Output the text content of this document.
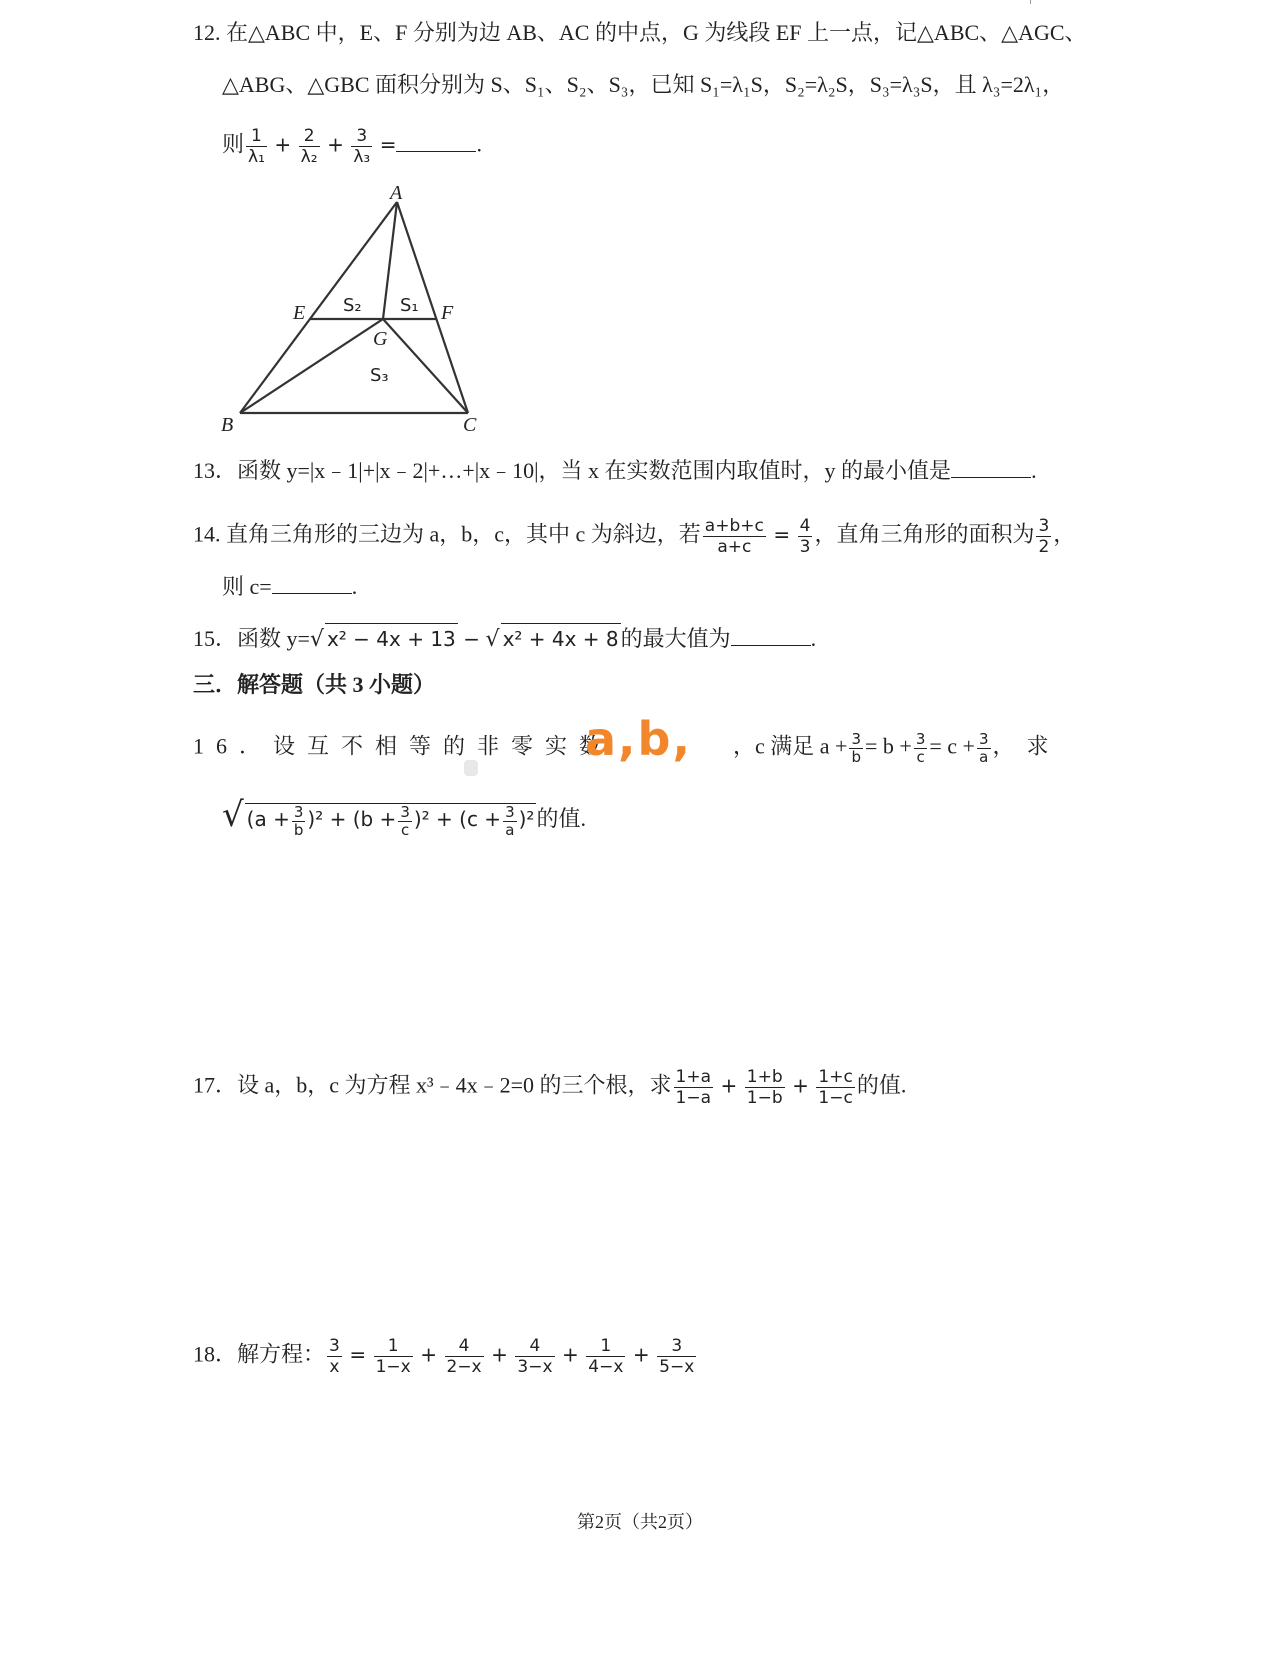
12. 在△ABC 中，E、F 分别为边 AB、AC 的中点，G 为线段 EF 上一点，记△ABC、△AGC、
△ABG、△GBC 面积分别为 S、S₁、S₂、S₃，已知 S₁=λ₁S，S₂=λ₂S，S₃=λ₃S，且 λ₃=2λ₁，
则 $\frac{1}{\text{λ₁}} + \frac{2}{\text{λ₂}} + \frac{3}{\text{λ₃}}$ =	.
A
E	F
G
B	C
S₂ S₁
S₃
13．函数 y=|x﹣1|+|x﹣2|+…+|x﹣10|，当 x 在实数范围内取值时，y 的最小值是	.
14. 直角三角形的三边为 a，b，c，其中 c 为斜边，若 $\frac{a+b+c}{a+c} = \frac{4}{3}$ ，直角三角形的面积为 $\frac{3}{2}$ ，
则 c=	.
15．函数 y=√ x² − 4x + 13 − √ x² + 4x + 8的最大值为	.
三．解答题（共 3 小题）
16．设互不相等的非零实数	，c 满足 $a + \frac{3}{b} = b + \frac{3}{c} = c + \frac{3}{a}$ ，求
a,b,
√ $(a + \frac{3}{b} )^2 + (b + \frac{3}{c} )^2 + (c + \frac{3}{a} )^2$的值.
17．设 a，b，c 为方程 x³﹣4x﹣2=0 的三个根，求 $\frac{1+a}{1-a} + \frac{1+b}{1-b} + \frac{1+c}{1-c}$ 的值.
18．解方程： $\frac{3}{x} = \frac{1}{1-x} + \frac{4}{2-x} + \frac{4}{3-x} + \frac{1}{4-x} + \frac{3}{5-x}$
第2页（共2页）
